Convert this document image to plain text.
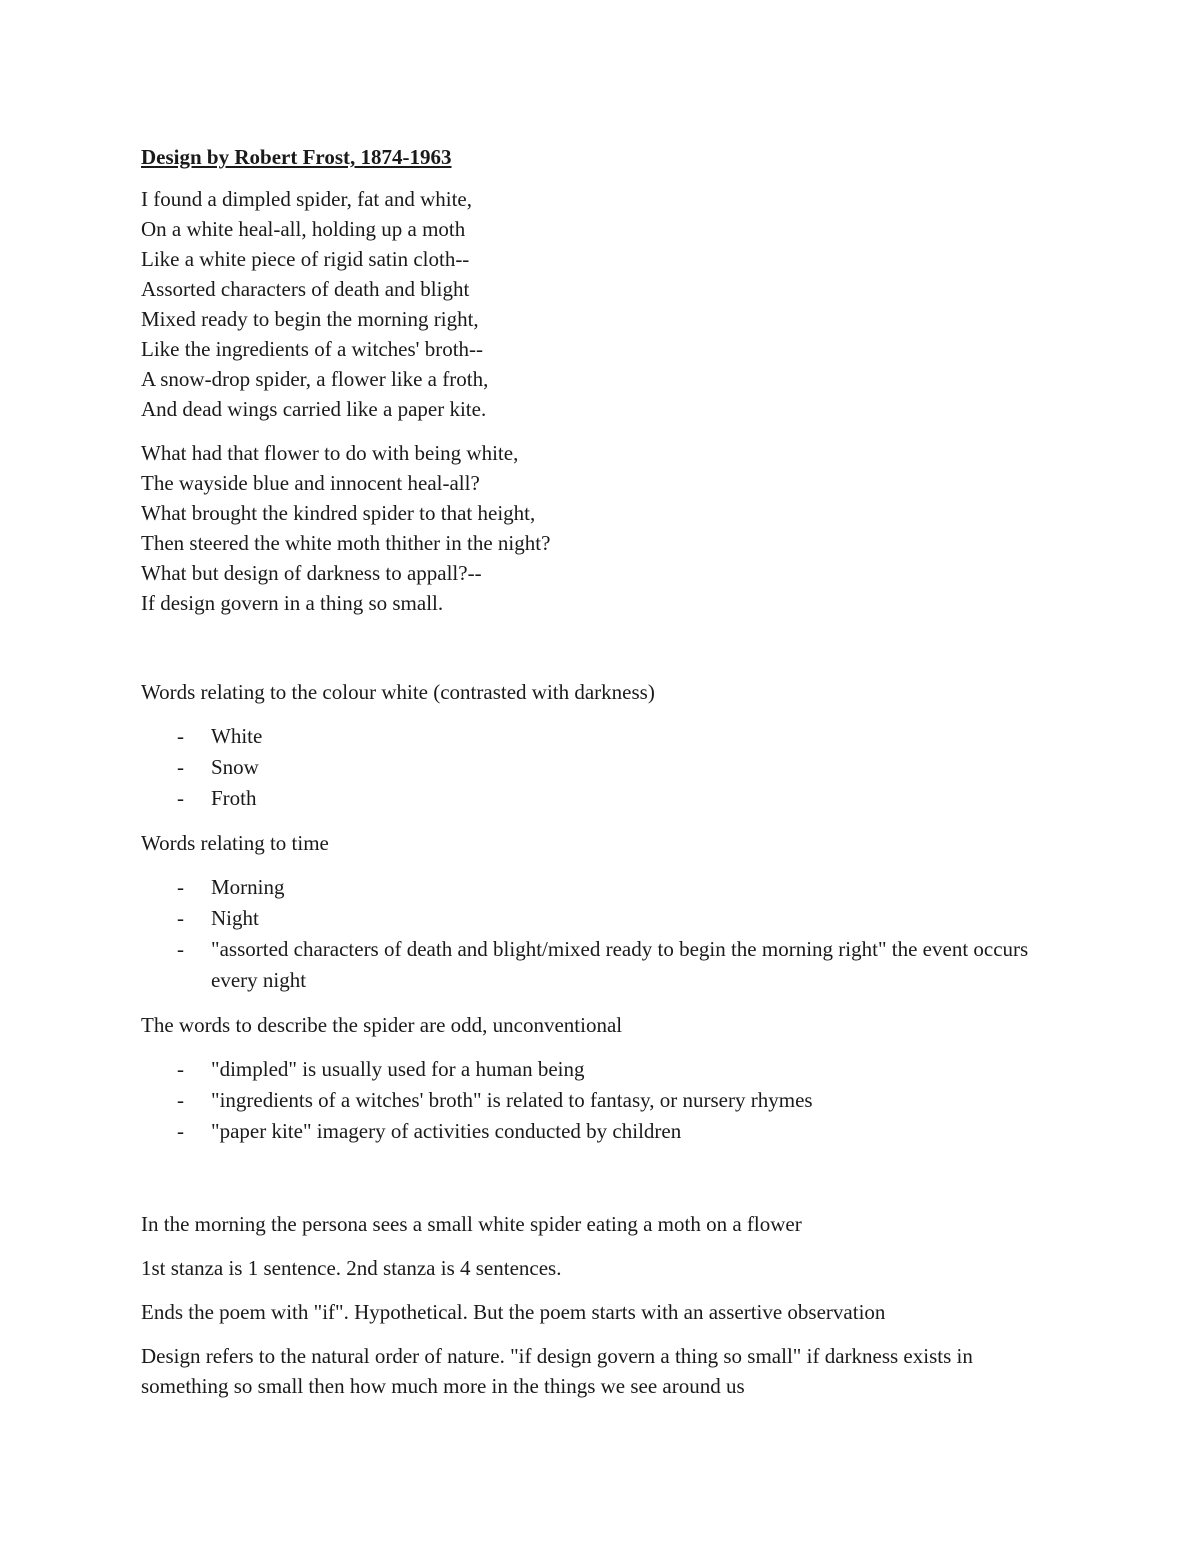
Design by Robert Frost, 1874-1963
I found a dimpled spider, fat and white,
On a white heal-all, holding up a moth
Like a white piece of rigid satin cloth--
Assorted characters of death and blight
Mixed ready to begin the morning right,
Like the ingredients of a witches' broth--
A snow-drop spider, a flower like a froth,
And dead wings carried like a paper kite.
What had that flower to do with being white,
The wayside blue and innocent heal-all?
What brought the kindred spider to that height,
Then steered the white moth thither in the night?
What but design of darkness to appall?--
If design govern in a thing so small.
Words relating to the colour white (contrasted with darkness)
- White
- Snow
- Froth
Words relating to time
- Morning
- Night
- "assorted characters of death and blight/mixed ready to begin the morning right" the event occurs every night
The words to describe the spider are odd, unconventional
- "dimpled" is usually used for a human being
- "ingredients of a witches' broth" is related to fantasy, or nursery rhymes
- "paper kite" imagery of activities conducted by children
In the morning the persona sees a small white spider eating a moth on a flower
1st stanza is 1 sentence. 2nd stanza is 4 sentences.
Ends the poem with "if". Hypothetical. But the poem starts with an assertive observation
Design refers to the natural order of nature. "if design govern a thing so small" if darkness exists in something so small then how much more in the things we see around us
